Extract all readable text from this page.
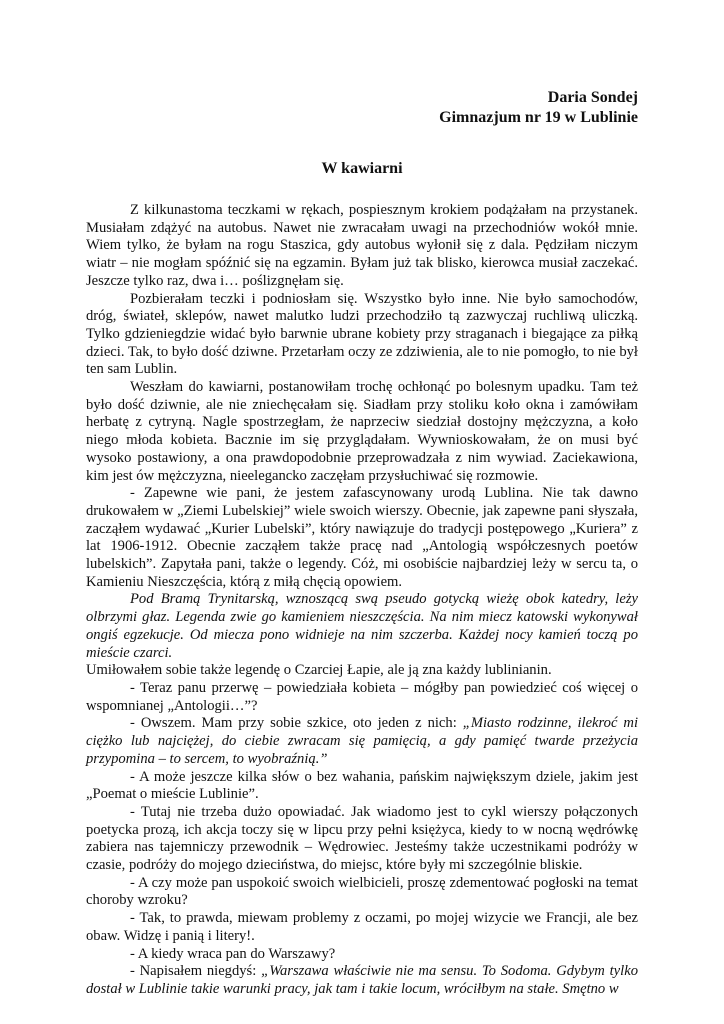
Daria Sondej

Gimnazjum nr 19 w Lublinie

W kawiarni

Z kilkunastoma teczkami w rękach, pospiesznym krokiem podążałam na przystanek. Musiałam zdążyć na autobus. Nawet nie zwracałam uwagi na przechodniów wokół mnie. Wiem tylko, że byłam na rogu Staszica, gdy autobus wyłonił się z dala. Pędziłam niczym wiatr – nie mogłam spóźnić się na egzamin. Byłam już tak blisko, kierowca musiał zaczekać. Jeszcze tylko raz, dwa i… poślizgnęłam się.

Pozbierałam teczki i podniosłam się. Wszystko było inne. Nie było samochodów, dróg, świateł, sklepów, nawet malutko ludzi przechodziło tą zazwyczaj ruchliwą uliczką. Tylko gdzieniegdzie widać było barwnie ubrane kobiety przy straganach i biegające za piłką dzieci. Tak, to było dość dziwne. Przetarłam oczy ze zdziwienia, ale to nie pomogło, to nie był ten sam Lublin.

Weszłam do kawiarni, postanowiłam trochę ochłonąć po bolesnym upadku. Tam też było dość dziwnie, ale nie zniechęcałam się. Siadłam przy stoliku koło okna i zamówiłam herbatę z cytryną. Nagle spostrzegłam, że naprzeciw siedział dostojny mężczyzna, a koło niego młoda kobieta. Bacznie im się przyglądałam. Wywnioskowałam, że on musi być wysoko postawiony, a ona prawdopodobnie przeprowadzała z nim wywiad. Zaciekawiona, kim jest ów mężczyzna, nieelegancko zaczęłam przysłuchiwać się rozmowie.

- Zapewne wie pani, że jestem zafascynowany urodą Lublina. Nie tak dawno drukowałem w „Ziemi Lubelskiej” wiele swoich wierszy. Obecnie, jak zapewne pani słyszała, zacząłem wydawać „Kurier Lubelski”, który nawiązuje do tradycji postępowego „Kuriera” z lat 1906-1912. Obecnie zacząłem także pracę nad „Antologią współczesnych poetów lubelskich”. Zapytała pani, także o legendy. Cóż, mi osobiście najbardziej leży w sercu ta, o Kamieniu Nieszczęścia, którą z miłą chęcią opowiem.

Pod Bramą Trynitarską, wznoszącą swą pseudo gotycką wieżę obok katedry, leży olbrzymi głaz. Legenda zwie go kamieniem nieszczęścia. Na nim miecz katowski wykonywał ongiś egzekucje. Od miecza pono widnieje na nim szczerba. Każdej nocy kamień toczą po mieście czarci.

Umiłowałem sobie także legendę o Czarciej Łapie, ale ją zna każdy lublinianin.

- Teraz panu przerwę – powiedziała kobieta – mógłby pan powiedzieć coś więcej o wspomnianej „Antologii…”?

- Owszem. Mam przy sobie szkice, oto jeden z nich: „Miasto rodzinne, ilekroć mi ciężko lub najciężej, do ciebie zwracam się pamięcią, a gdy pamięć twarde przeżycia przypomina – to sercem, to wyobraźnią.”

- A może jeszcze kilka słów o bez wahania, pańskim największym dziele, jakim jest „Poemat o mieście Lublinie”.

- Tutaj nie trzeba dużo opowiadać. Jak wiadomo jest to cykl wierszy połączonych poetycka prozą, ich akcja toczy się w lipcu przy pełni księżyca, kiedy to w nocną wędrówkę zabiera nas tajemniczy przewodnik – Wędrowiec. Jesteśmy także uczestnikami podróży w czasie, podróży do mojego dzieciństwa, do miejsc, które były mi szczególnie bliskie.

- A czy może pan uspokoić swoich wielbicieli, proszę zdementować pogłoski na temat choroby wzroku?

- Tak, to prawda, miewam problemy z oczami, po mojej wizycie we Francji, ale bez obaw. Widzę i panią i litery!.

- A kiedy wraca pan do Warszawy?

- Napisałem niegdyś: „Warszawa właściwie nie ma sensu. To Sodoma. Gdybym tylko dostał w Lublinie takie warunki pracy, jak tam i takie locum, wróciłbym na stałe. Smętno w
